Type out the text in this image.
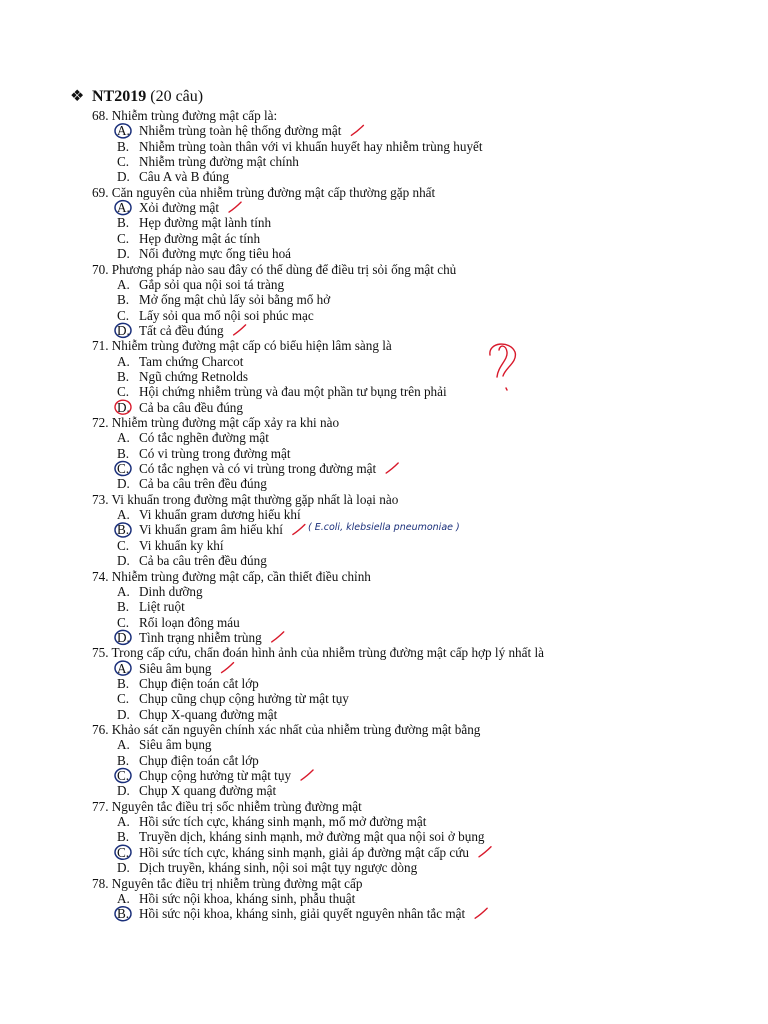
❖ NT2019 (20 câu)
68. Nhiễm trùng đường mật cấp là:
A. Nhiễm trùng toàn hệ thống đường mật
B. Nhiễm trùng toàn thân với vi khuẩn huyết hay nhiễm trùng huyết
C. Nhiễm trùng đường mật chính
D. Câu A và B đúng
69. Căn nguyên của nhiễm trùng đường mật cấp thường gặp nhất
A. Xỏi đường mật
B. Hẹp đường mật lành tính
C. Hẹp đường mật ác tính
D. Nối đường mực ống tiêu hoá
70. Phương pháp nào sau đây có thể dùng để điều trị sỏi ống mật chủ
A. Gắp sỏi qua nội soi tá tràng
B. Mở ống mật chủ lấy sỏi bằng mổ hở
C. Lấy sỏi qua mổ nội soi phúc mạc
D. Tất cả đều đúng
71. Nhiễm trùng đường mật cấp có biểu hiện lâm sàng là
A. Tam chứng Charcot
B. Ngũ chứng Retnolds
C. Hội chứng nhiễm trùng và đau một phần tư bụng trên phải
D. Cả ba câu đều đúng
72. Nhiễm trùng đường mật cấp xảy ra khi nào
A. Có tắc nghẽn đường mật
B. Có vi trùng trong đường mật
C. Có tắc nghẹn và có vi trùng trong đường mật
D. Cả ba câu trên đều đúng
73. Vi khuẩn trong đường mật thường gặp nhất là loại nào
A. Vi khuẩn gram dương hiếu khí
B. Vi khuẩn gram âm hiếu khí
C. Vi khuẩn ky khí
D. Cả ba câu trên đều đúng
74. Nhiễm trùng đường mật cấp, cần thiết điều chỉnh
A. Dinh dưỡng
B. Liệt ruột
C. Rối loạn đông máu
D. Tình trạng nhiễm trùng
75. Trong cấp cứu, chẩn đoán hình ảnh của nhiễm trùng đường mật cấp hợp lý nhất là
A. Siêu âm bụng
B. Chụp điện toán cắt lớp
C. Chụp cũng chụp cộng hưởng từ mật tụy
D. Chụp X-quang đường mật
76. Khảo sát căn nguyên chính xác nhất của nhiễm trùng đường mật bằng
A. Siêu âm bụng
B. Chụp điện toán cắt lớp
C. Chụp cộng hưởng từ mật tụy
D. Chụp X quang đường mật
77. Nguyên tắc điều trị sốc nhiễm trùng đường mật
A. Hồi sức tích cực, kháng sinh mạnh, mổ mở đường mật
B. Truyền dịch, kháng sinh mạnh, mở đường mật qua nội soi ở bụng
C. Hồi sức tích cực, kháng sinh mạnh, giải áp đường mật cấp cứu
D. Dịch truyền, kháng sinh, nội soi mật tụy ngược dòng
78. Nguyên tắc điều trị nhiễm trùng đường mật cấp
A. Hồi sức nội khoa, kháng sinh, phẫu thuật
B. Hồi sức nội khoa, kháng sinh, giải quyết nguyên nhân tắc mật
( E.coli, klebsiella pneumoniae )
